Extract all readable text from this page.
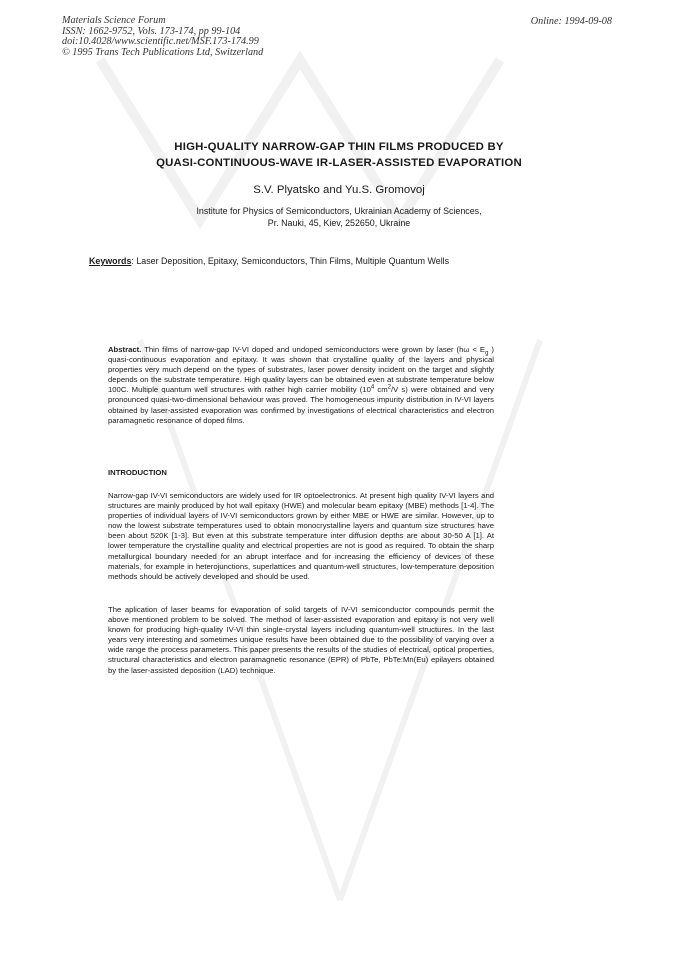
Materials Science Forum
ISSN: 1662-9752, Vols. 173-174, pp 99-104
doi:10.4028/www.scientific.net/MSF.173-174.99
© 1995 Trans Tech Publications Ltd, Switzerland
Online: 1994-09-08
HIGH-QUALITY NARROW-GAP THIN FILMS PRODUCED BY
QUASI-CONTINUOUS-WAVE IR-LASER-ASSISTED EVAPORATION
S.V. Plyatsko and Yu.S. Gromovoj
Institute for Physics of Semiconductors, Ukrainian Academy of Sciences,
Pr. Nauki, 45, Kiev, 252650, Ukraine
Keywords: Laser Deposition, Epitaxy, Semiconductors, Thin Films, Multiple Quantum Wells
Abstract. Thin films of narrow-gap IV-VI doped and undoped semiconductors were grown by laser ($h\omega < E_g$ ) quasi-continuous evaporation and epitaxy. It was shown that crystalline quality of the layers and physical properties very much depend on the types of substrates, laser power density incident on the target and slightly depends on the substrate temperature. High quality layers can be obtained even at substrate temperature below 100C. Multiple quantum well structures with rather high carrier mobility ($10^4$ $cm^2/V$ s) were obtained and very pronounced quasi-two-dimensional behaviour was proved. The homogeneous impurity distribution in IV-VI layers obtained by laser-assisted evaporation was confirmed by investigations of electrical characteristics and electron paramagnetic resonance of doped films.
INTRODUCTION
Narrow-gap IV-VI semiconductors are widely used for IR optoelectronics. At present high quality IV-VI layers and structures are mainly produced by hot wall epitaxy (HWE) and molecular beam epitaxy (MBE) methods [1-4]. The properties of individual layers of IV-VI semiconductors grown by either MBE or HWE are similar. However, up to now the lowest substrate temperatures used to obtain monocrystalline layers and quantum size structures have been about 520K [1-3]. But even at this substrate temperature inter diffusion depths are about 30-50 A [1]. At lower temperature the crystalline quality and electrical properties are not is good as required. To obtain the sharp metallurgical boundary needed for an abrupt interface and for increasing the efficiency of devices of these materials, for example in heterojunctions, superlattices and quantum-well structures, low-temperature deposition methods should be actively developed and should be used.
The aplication of laser beams for evaporation of solid targets of IV-VI semiconductor compounds permit the above mentioned problem to be solved. The method of laser-assisted evaporation and epitaxy is not very well known for producing high-quality IV-VI thin single-crystal layers including quantum-well structures. In the last years very interesting and sometimes unique results have been obtained due to the possibility of varying over a wide range the process parameters. This paper presents the results of the studies of electrical, optical properties, structural characteristics and electron paramagnetic resonance (EPR) of PbTe, PbTe:Mn(Eu) epilayers obtained by the laser-assisted deposition (LAD) technique.
